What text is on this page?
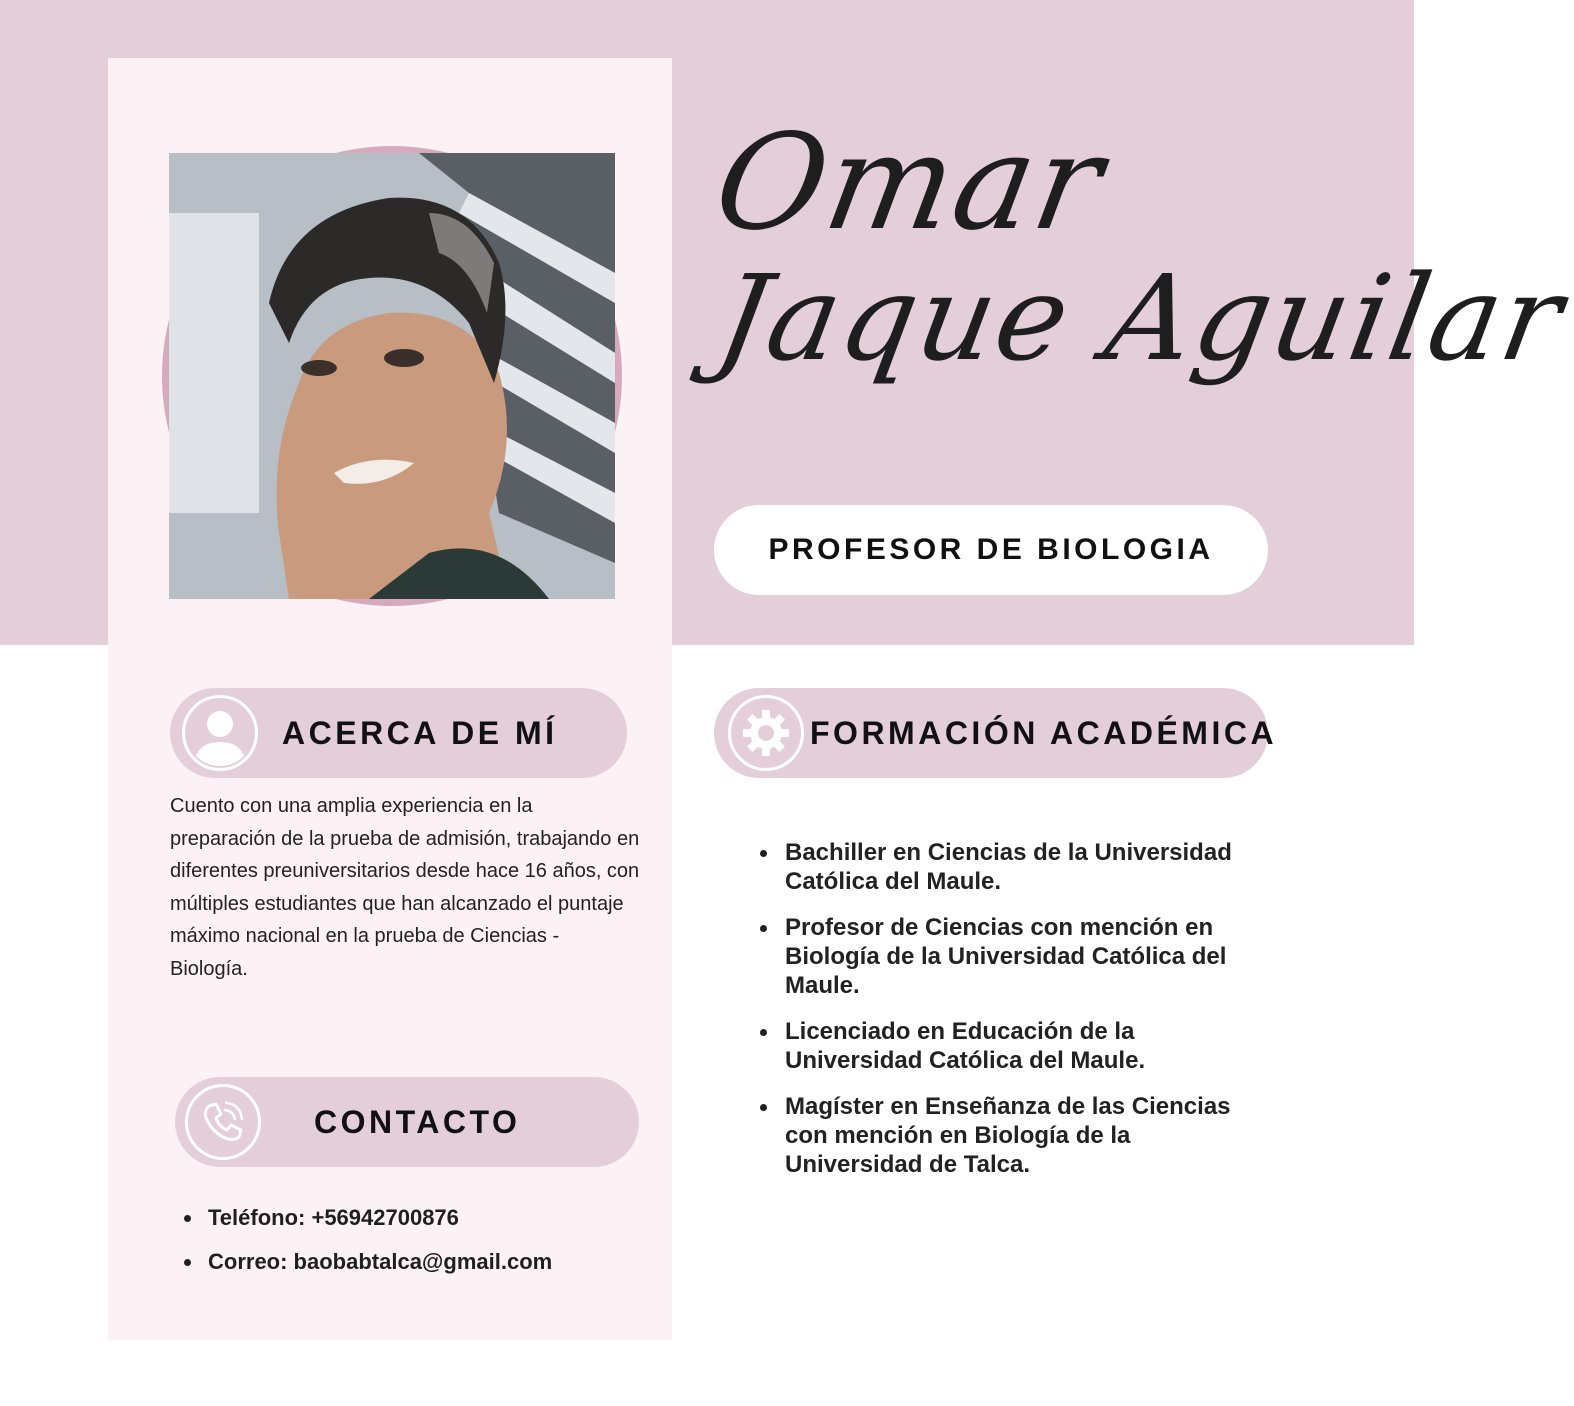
Omar
Jaque Aguilar
PROFESOR DE BIOLOGIA
ACERCA DE MÍ
Cuento con una amplia experiencia en la preparación de la prueba de admisión, trabajando en diferentes preuniversitarios desde hace 16 años, con múltiples estudiantes que han alcanzado el puntaje máximo nacional en la prueba de Ciencias - Biología.
FORMACIÓN ACADÉMICA
Bachiller en Ciencias de la Universidad Católica del Maule.
Profesor de Ciencias con mención en Biología de la Universidad Católica del Maule.
Licenciado en Educación de la Universidad Católica del Maule.
Magíster en Enseñanza de las Ciencias con mención en Biología de la Universidad de Talca.
CONTACTO
Teléfono: +56942700876
Correo: baobabtalca@gmail.com
